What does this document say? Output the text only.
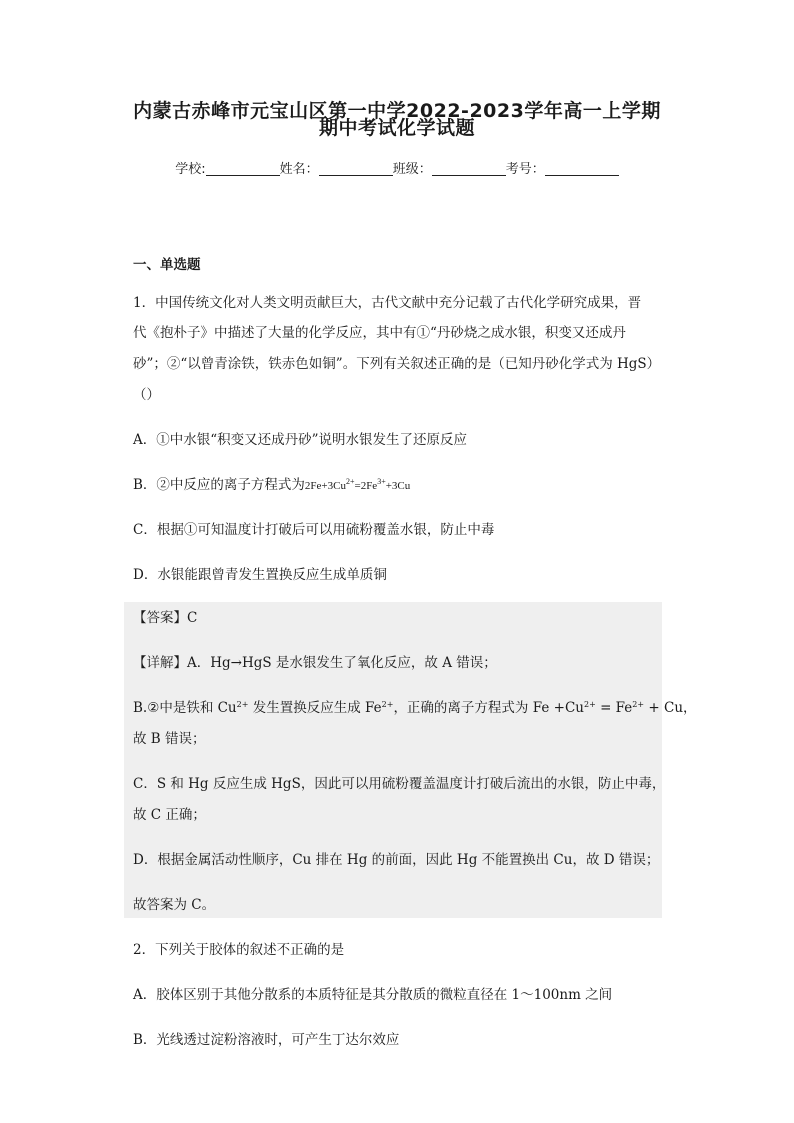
内蒙古赤峰市元宝山区第一中学2022-2023学年高一上学期
期中考试化学试题
学校:	姓名：	班级：	考号：
一、单选题
1．中国传统文化对人类文明贡献巨大，古代文献中充分记载了古代化学研究成果，晋
代《抱朴子》中描述了大量的化学反应，其中有①“丹砂烧之成水银，积变又还成丹
砂”；②“以曾青涂铁，铁赤色如铜”。下列有关叙述正确的是（已知丹砂化学式为 HgS）
（）
A．①中水银“积变又还成丹砂”说明水银发生了还原反应
B．②中反应的离子方程式为$2Fe+3Cu^{2+}=2Fe^{3+}+3Cu$
C．根据①可知温度计打破后可以用硫粉覆盖水银，防止中毒
D．水银能跟曾青发生置换反应生成单质铜
【答案】C
【详解】A．Hg→HgS 是水银发生了氧化反应，故 A 错误；
B.②中是铁和 $Cu^{2+}$ 发生置换反应生成 $Fe^{2+}$，正确的离子方程式为 $Fe +Cu^{2+} = Fe^{2+} + Cu$，
故 B 错误；
C．S 和 Hg 反应生成 HgS，因此可以用硫粉覆盖温度计打破后流出的水银，防止中毒，
故 C 正确；
D．根据金属活动性顺序，Cu 排在 Hg 的前面，因此 Hg 不能置换出 Cu，故 D 错误；
故答案为 C。
2．下列关于胶体的叙述不正确的是
A．胶体区别于其他分散系的本质特征是其分散质的微粒直径在 1～100nm 之间
B．光线透过淀粉溶液时，可产生丁达尔效应
